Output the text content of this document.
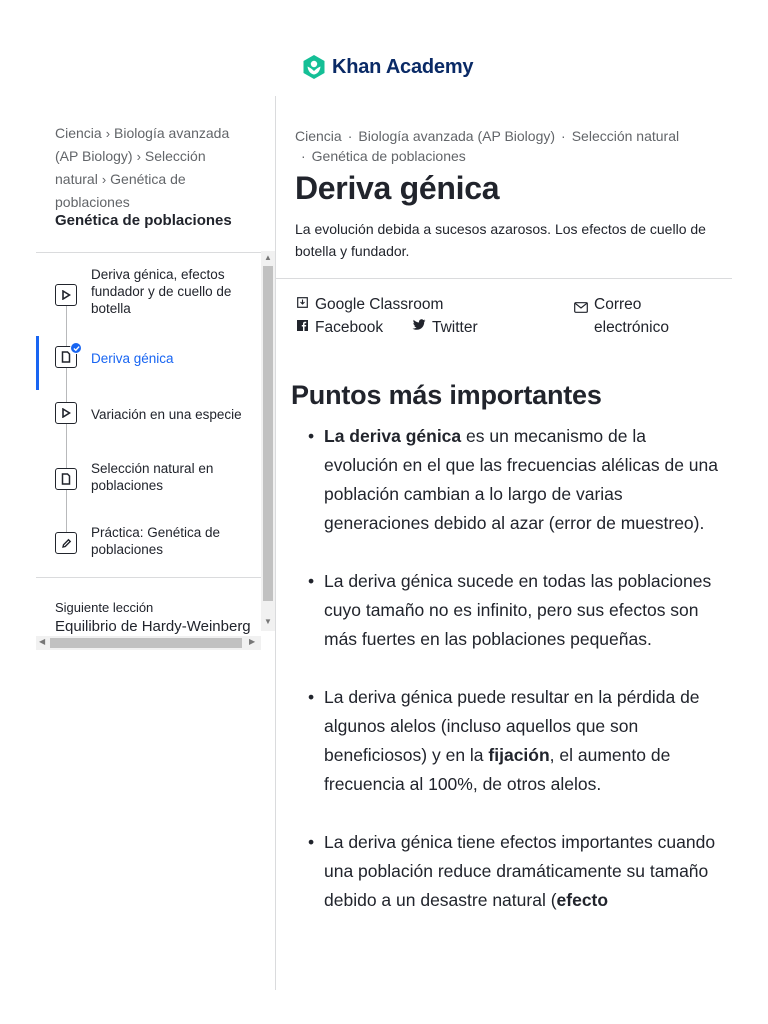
Khan Academy
Ciencia › Biología avanzada (AP Biology) › Selección natural › Genética de poblaciones
Genética de poblaciones
Deriva génica, efectos fundador y de cuello de botella
Deriva génica
Variación en una especie
Selección natural en poblaciones
Práctica: Genética de poblaciones
▲
▼
Siguiente lección
Equilibrio de Hardy-Weinberg
◀	▶
Ciencia · Biología avanzada (AP Biology) · Selección natural
· Genética de poblaciones
Deriva génica

La evolución debida a sucesos azarosos. Los efectos de cuello de botella y fundador.

Google Classroom
Facebook	Twitter
Correo electrónico
Puntos más importantes
• La deriva génica es un mecanismo de la evolución en el que las frecuencias alélicas de una población cambian a lo largo de varias generaciones debido al azar (error de muestreo).
• La deriva génica sucede en todas las poblaciones cuyo tamaño no es infinito, pero sus efectos son más fuertes en las poblaciones pequeñas.
• La deriva génica puede resultar en la pérdida de algunos alelos (incluso aquellos que son beneficiosos) y en la fijación, el aumento de frecuencia al 100%, de otros alelos.
• La deriva génica tiene efectos importantes cuando una población reduce dramáticamente su tamaño debido a un desastre natural (efecto
